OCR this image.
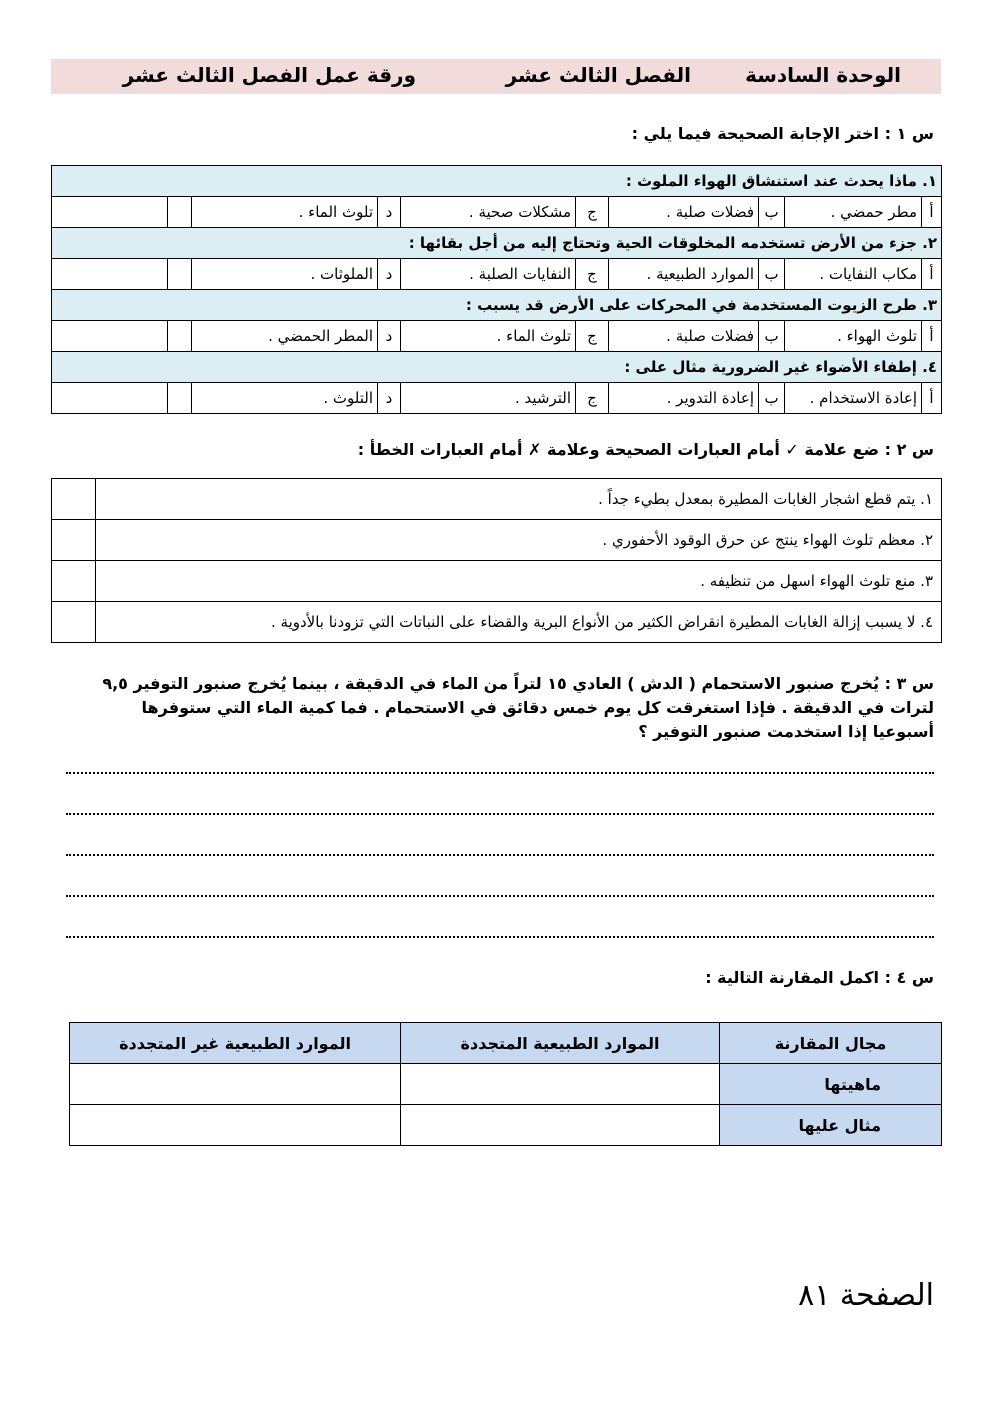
الوحدة السادسة
الفصل الثالث عشر
ورقة عمل الفصل الثالث عشر
س ١ : اختر الإجابة الصحيحة فيما يلي :
١. ماذا يحدث عند استنشاق الهواء الملوث :									
أ	مطر حمضي .	ب	فضلات صلبة .	ج	مشكلات صحية .	د	تلوث الماء .		
٢. جزء من الأرض تستخدمه المخلوقات الحية وتحتاج إليه من أجل بقائها :									
أ	مكاب النفايات .	ب	الموارد الطبيعية .	ج	النفايات الصلبة .	د	الملوثات .		
٣. طرح الزيوت المستخدمة في المحركات على الأرض قد يسبب :									
أ	تلوث الهواء .	ب	فضلات صلبة .	ج	تلوث الماء .	د	المطر الحمضي .		
٤. إطفاء الأضواء غير الضرورية مثال على :									
أ	إعادة الاستخدام .	ب	إعادة التدوير .	ج	الترشيد .	د	التلوث .		
س ٢ : ضع علامة ✓ أمام العبارات الصحيحة وعلامة ✗ أمام العبارات الخطأ :
١. يتم قطع اشجار الغابات المطيرة بمعدل بطيء جداً .	
٢. معظم تلوث الهواء ينتج عن حرق الوقود الأحفوري .	
٣. منع تلوث الهواء اسهل من تنظيفه .	
٤. لا يسبب إزالة الغابات المطيرة انقراض الكثير من الأنواع البرية والقضاء على النباتات التي تزودنا بالأدوية .	
س ٣ : يُخرج صنبور الاستحمام ( الدش ) العادي ١٥ لتراً من الماء في الدقيقة ، بينما يُخرج صنبور التوفير ٩,٥ لترات في الدقيقة . فإذا استغرقت كل يوم خمس دقائق في الاستحمام . فما كمية الماء التي ستوفرها أسبوعيا إذا استخدمت صنبور التوفير ؟
س ٤ : اكمل المقارنة التالية :
مجال المقارنة	الموارد الطبيعية المتجددة	الموارد الطبيعية غير المتجددة
ماهيتها		
مثال عليها		
الصفحة ٨١
